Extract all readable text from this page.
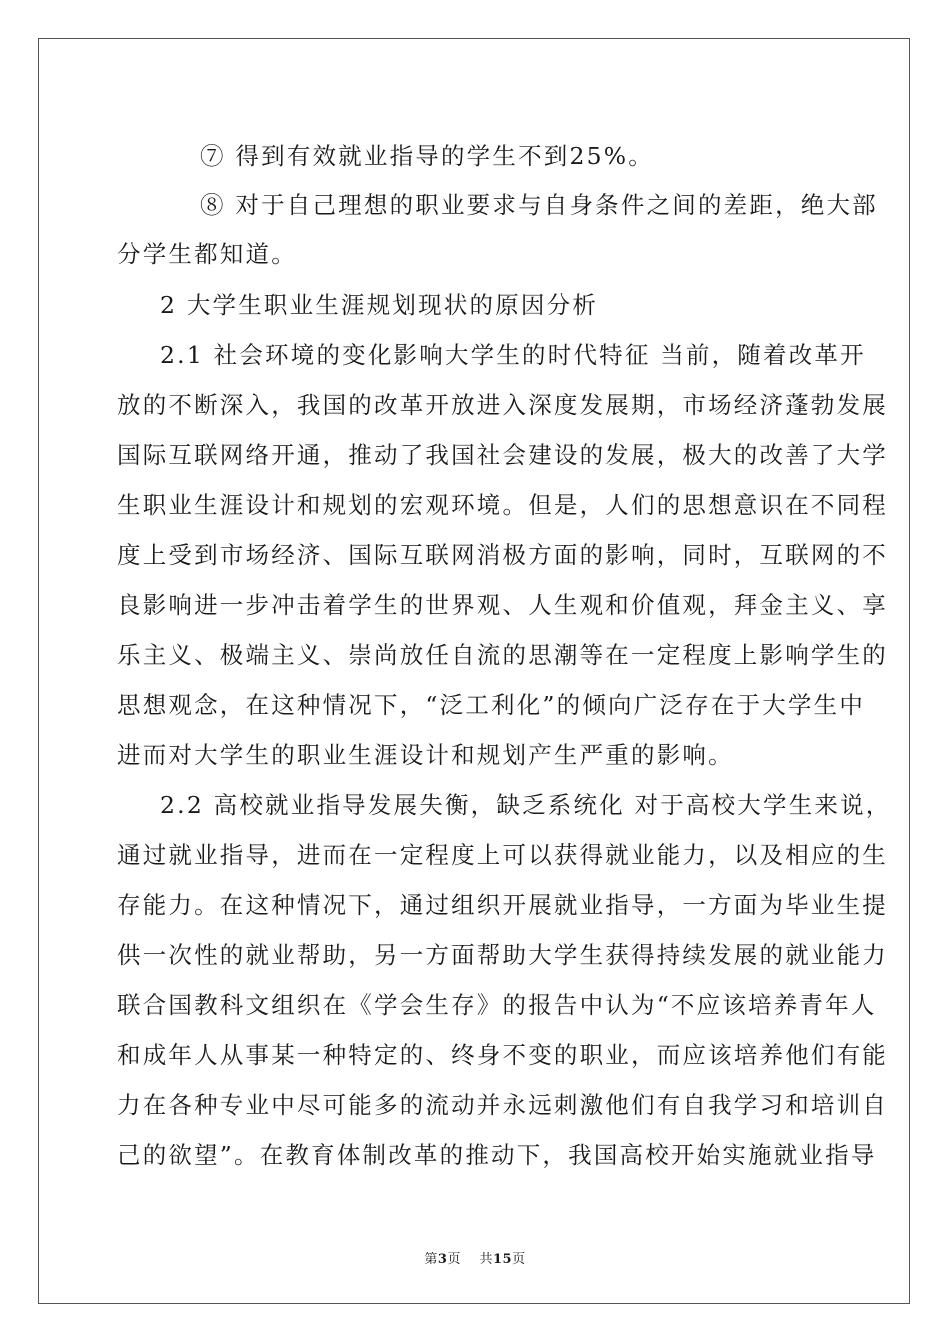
⑦ 得到有效就业指导的学生不到25%。
⑧ 对于自己理想的职业要求与自身条件之间的差距，绝大部
分学生都知道。
2 大学生职业生涯规划现状的原因分析
2.1 社会环境的变化影响大学生的时代特征 当前，随着改革开
放的不断深入，我国的改革开放进入深度发展期，市场经济蓬勃发展
国际互联网络开通，推动了我国社会建设的发展，极大的改善了大学
生职业生涯设计和规划的宏观环境。但是，人们的思想意识在不同程
度上受到市场经济、国际互联网消极方面的影响，同时，互联网的不
良影响进一步冲击着学生的世界观、人生观和价值观，拜金主义、享
乐主义、极端主义、崇尚放任自流的思潮等在一定程度上影响学生的
思想观念，在这种情况下，“泛工利化”的倾向广泛存在于大学生中
进而对大学生的职业生涯设计和规划产生严重的影响。
2.2 高校就业指导发展失衡，缺乏系统化 对于高校大学生来说，
通过就业指导，进而在一定程度上可以获得就业能力，以及相应的生
存能力。在这种情况下，通过组织开展就业指导，一方面为毕业生提
供一次性的就业帮助，另一方面帮助大学生获得持续发展的就业能力
联合国教科文组织在《学会生存》的报告中认为“不应该培养青年人
和成年人从事某一种特定的、终身不变的职业，而应该培养他们有能
力在各种专业中尽可能多的流动并永远刺激他们有自我学习和培训自
己的欲望”。在教育体制改革的推动下，我国高校开始实施就业指导
第3页 共15页
